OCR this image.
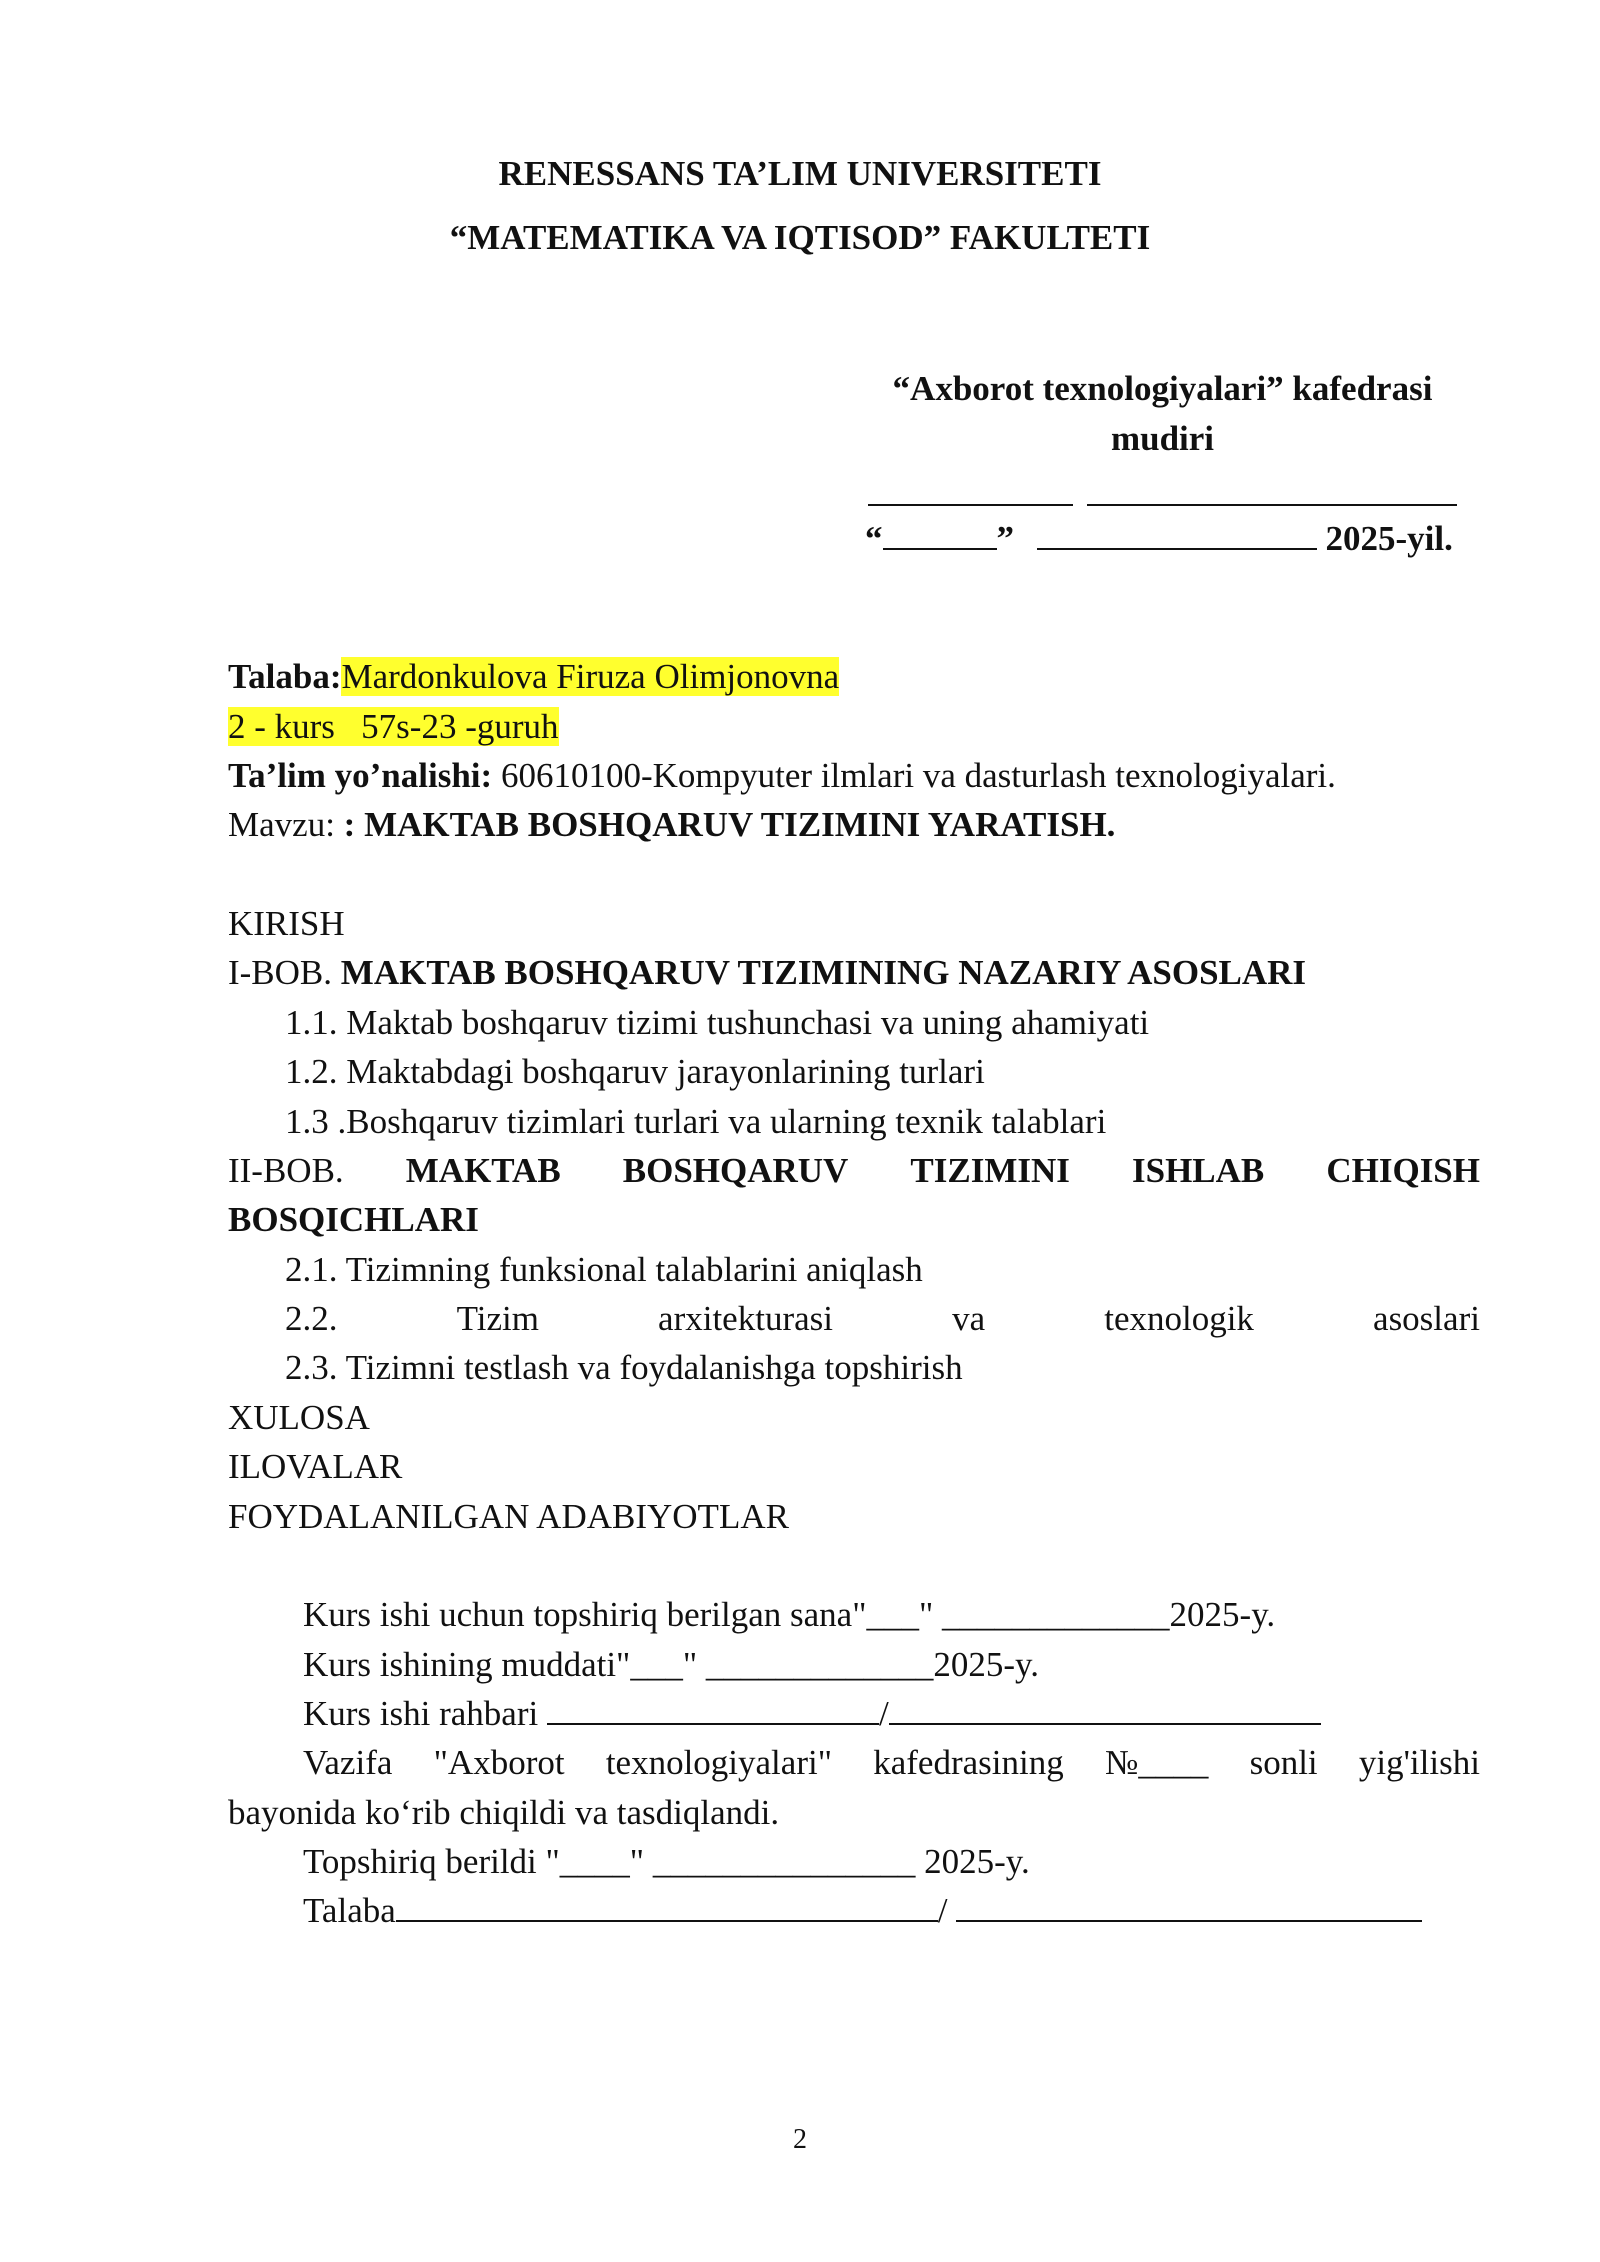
RENESSANS TA’LIM UNIVERSITETI
“MATEMATIKA VA IQTISOD” FAKULTETI
“Axborot texnologiyalari” kafedrasi
mudiri
“	”	2025-yil.
Talaba:Mardonkulova Firuza Olimjonovna
2 - kurs   57s-23 -guruh
Ta’lim yo’nalishi: 60610100-Kompyuter ilmlari va dasturlash texnologiyalari.
Mavzu: : MAKTAB BOSHQARUV TIZIMINI YARATISH.
KIRISH
I-BOB. MAKTAB BOSHQARUV TIZIMINING NAZARIY ASOSLARI
1.1. Maktab boshqaruv tizimi tushunchasi va uning ahamiyati
1.2. Maktabdagi boshqaruv jarayonlarining turlari
1.3 .Boshqaruv tizimlari turlari va ularning texnik talablari
II-BOB. MAKTAB BOSHQARUV TIZIMINI ISHLAB CHIQISH
BOSQICHLARI
2.1. Tizimning funksional talablarini aniqlash
2.2.	Tizim	arxitekturasi	va	texnologik	asoslari
2.3. Tizimni testlash va foydalanishga topshirish
XULOSA
ILOVALAR
FOYDALANILGAN ADABIYOTLAR
Kurs ishi uchun topshiriq berilgan sana"___" _____________2025-y.
Kurs ishining muddati"___" _____________2025-y.
Kurs ishi rahbari	/
Vazifa "Axborot texnologiyalari" kafedrasining №____ sonli yig'ilishi
bayonida ko‘rib chiqildi va tasdiqlandi.
Topshiriq berildi "____" _______________ 2025-y.
Talaba	/
2
